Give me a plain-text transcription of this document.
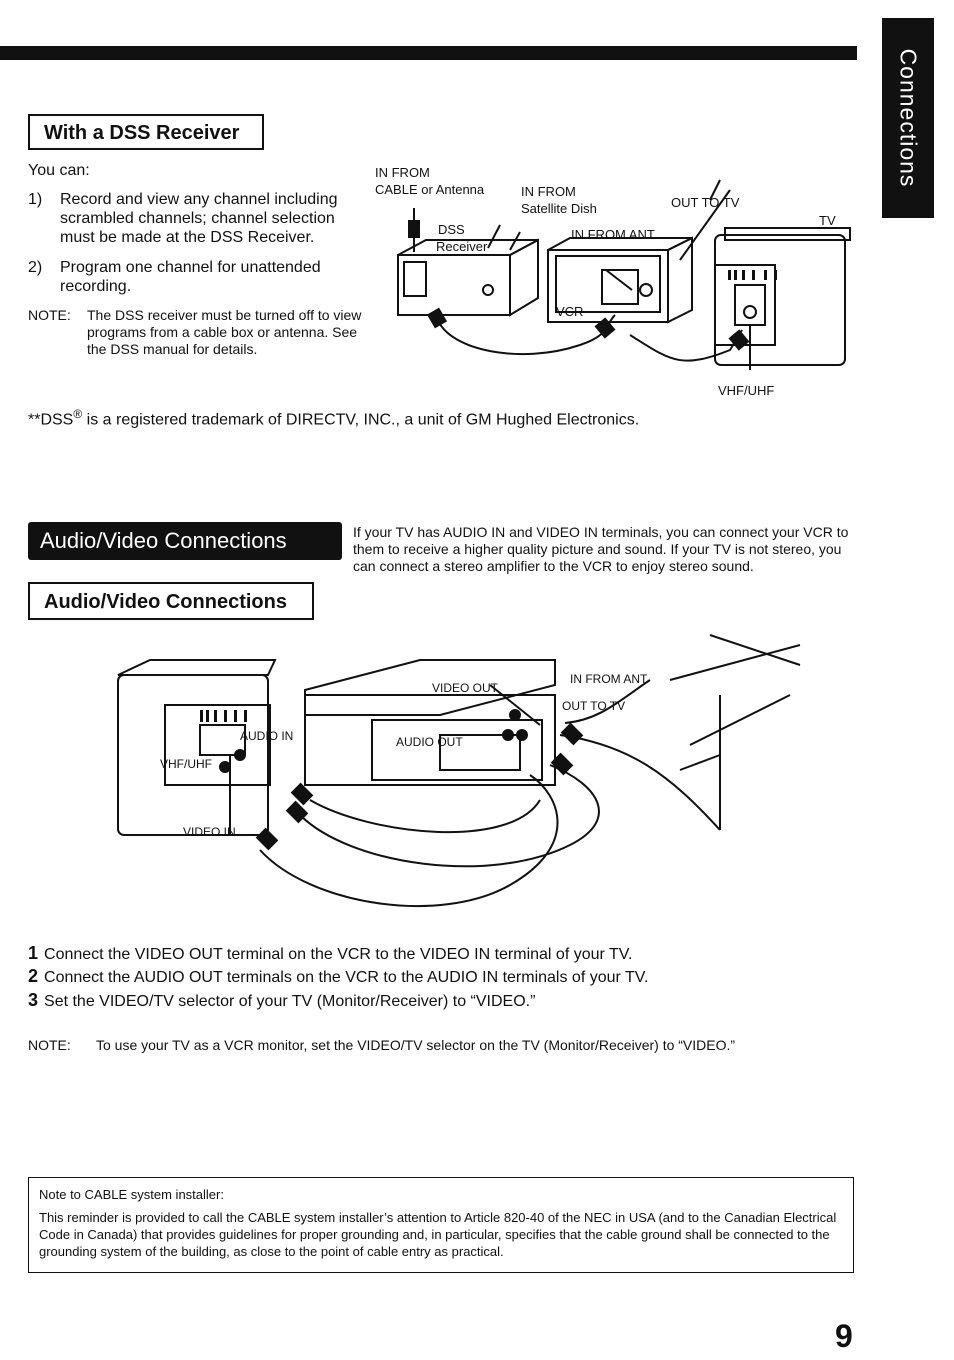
Connections
With a DSS Receiver
You can:
1) Record and view any channel including scrambled channels; channel selection must be made at the DSS Receiver.
2) Program one channel for unattended recording.
NOTE: The DSS receiver must be turned off to view programs from a cable box or antenna. See the DSS manual for details.
IN FROM
CABLE or Antenna	IN FROM
Satellite Dish	OUT TO TV
TV
DSS
Receiver
IN FROM ANT.
VCR
VHF/UHF
**DSS® is a registered trademark of DIRECTV, INC., a unit of GM Hughed Electronics.
Audio/Video Connections	If your TV has AUDIO IN and VIDEO IN terminals, you can connect your VCR to them to receive a higher quality picture and sound. If your TV is not stereo, you can connect a stereo amplifier to the VCR to enjoy stereo sound.
Audio/Video Connections
VIDEO OUT
IN FROM ANT
OUT TO TV
AUDIO OUT
AUDIO IN
VHF/UHF
VIDEO IN
1 Connect the VIDEO OUT terminal on the VCR to the VIDEO IN terminal of your TV.
2 Connect the AUDIO OUT terminals on the VCR to the AUDIO IN terminals of your TV.
3 Set the VIDEO/TV selector of your TV (Monitor/Receiver) to “VIDEO.”
NOTE: To use your TV as a VCR monitor, set the VIDEO/TV selector on the TV (Monitor/Receiver) to “VIDEO.”
Note to CABLE system installer:
This reminder is provided to call the CABLE system installer’s attention to Article 820-40 of the NEC in USA (and to the Canadian Electrical Code in Canada) that provides guidelines for proper grounding and, in particular, specifies that the cable ground shall be connected to the grounding system of the building, as close to the point of cable entry as practical.
9
